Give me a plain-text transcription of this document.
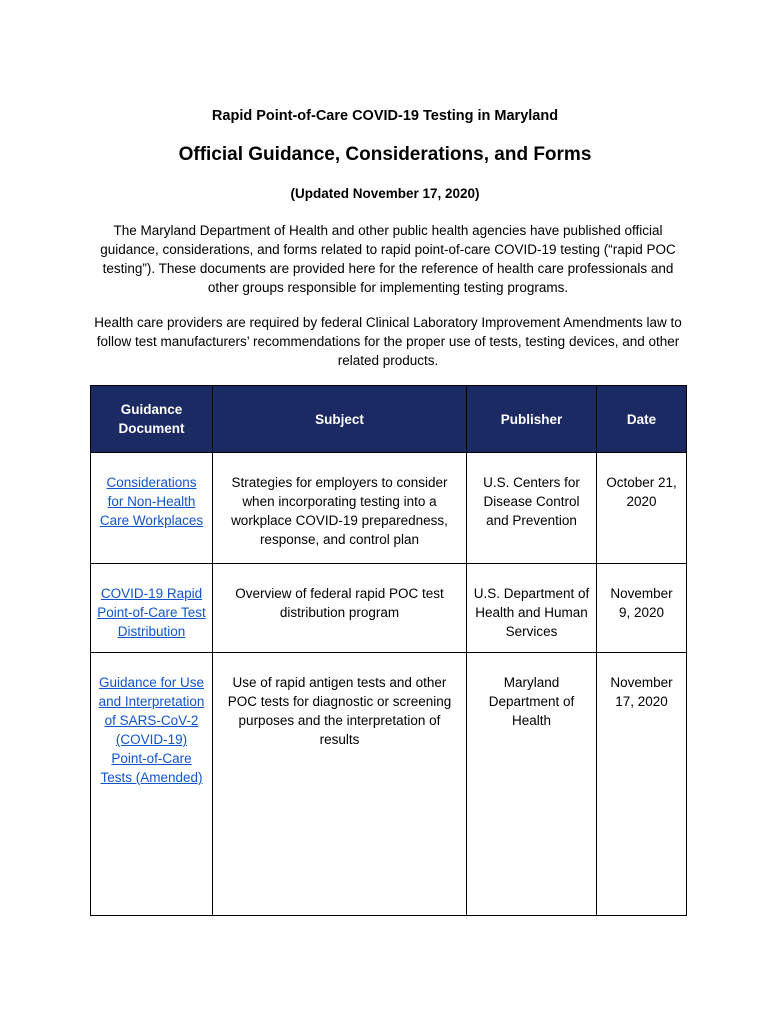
Rapid Point-of-Care COVID-19 Testing in Maryland
Official Guidance, Considerations, and Forms
(Updated November 17, 2020)

The Maryland Department of Health and other public health agencies have published official guidance, considerations, and forms related to rapid point-of-care COVID-19 testing (“rapid POC testing”). These documents are provided here for the reference of health care professionals and other groups responsible for implementing testing programs.

Health care providers are required by federal Clinical Laboratory Improvement Amendments law to follow test manufacturers’ recommendations for the proper use of tests, testing devices, and other related products.

Guidance Document	Subject	Publisher	Date
Considerations for Non-Health Care Workplaces	Strategies for employers to consider when incorporating testing into a workplace COVID-19 preparedness, response, and control plan	U.S. Centers for Disease Control and Prevention	October 21, 2020
COVID-19 Rapid Point-of-Care Test Distribution	Overview of federal rapid POC test distribution program	U.S. Department of Health and Human Services	November 9, 2020
Guidance for Use and Interpretation of SARS-CoV-2 (COVID-19) Point-of-Care Tests (Amended)	Use of rapid antigen tests and other POC tests for diagnostic or screening purposes and the interpretation of results	Maryland Department of Health	November 17, 2020
